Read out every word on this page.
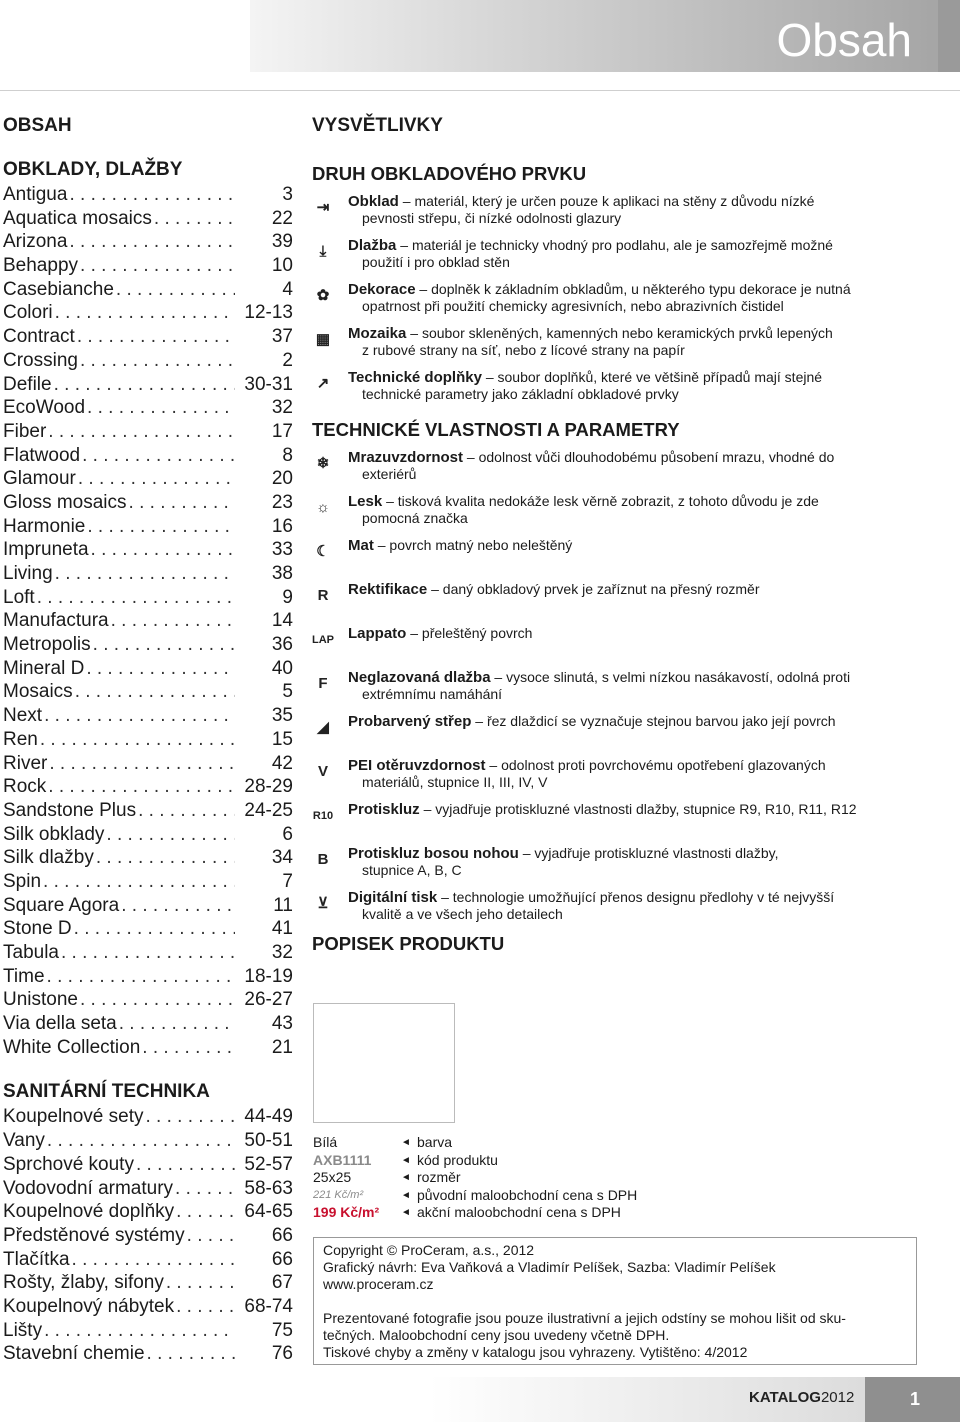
Obsah
OBSAH
OBKLADY, DLAŽBY
Antigua . . .	3
Aquatica mosaics . . .	22
Arizona . . .	39
Behappy . . .	10
Casebianche . . .	4
Colori . . .	12-13
Contract . . .	37
Crossing . . .	2
Defile . . .	30-31
EcoWood . . .	32
Fiber . . .	17
Flatwood . . .	8
Glamour . . .	20
Gloss mosaics . . .	23
Harmonie . . .	16
Impruneta . . .	33
Living . . .	38
Loft . . .	9
Manufactura . . .	14
Metropolis . . .	36
Mineral D . . .	40
Mosaics . . .	5
Next . . .	35
Ren . . .	15
River . . .	42
Rock . . .	28-29
Sandstone Plus . . .	24-25
Silk obklady . . .	6
Silk dlažby . . .	34
Spin . . .	7
Square Agora . . .	11
Stone D . . .	41
Tabula . . .	32
Time . . .	18-19
Unistone . . .	26-27
Via della seta . . .	43
White Collection . . .	21
SANITÁRNÍ TECHNIKA
Koupelnové sety . . .	44-49
Vany . . .	50-51
Sprchové kouty . . .	52-57
Vodovodní armatury . . .	58-63
Koupelnové doplňky . . .	64-65
Předstěnové systémy . . .	66
Tlačítka . . .	66
Rošty, žlaby, sifony . . .	67
Koupelnový nábytek . . .	68-74
Lišty . . .	75
Stavební chemie . . .	76
VYSVĚTLIVKY
DRUH OBKLADOVÉHO PRVKU
⇥	Obklad – materiál, který je určen pouze k aplikaci na stěny z důvodu nízké
pevnosti střepu, či nízké odolnosti glazury
⤓	Dlažba – materiál je technicky vhodný pro podlahu, ale je samozřejmě možné
použití i pro obklad stěn
✿	Dekorace – doplněk k základním obkladům, u některého typu dekorace je nutná
opatrnost při použití chemicky agresivních, nebo abrazivních čistidel
▦ Mozaika – soubor skleněných, kamenných nebo keramických prvků lepených
z rubové strany na síť, nebo z lícové strany na papír
↗	Technické doplňky – soubor doplňků, které ve většině případů mají stejné
technické parametry jako základní obkladové prvky
TECHNICKÉ VLASTNOSTI A PARAMETRY
❄	Mrazuvzdornost – odolnost vůči dlouhodobému působení mrazu, vhodné do
exteriérů
☼ Lesk – tisková kvalita nedokáže lesk věrně zobrazit, z tohoto důvodu je zde
pomocná značka
☾ Mat – povrch matný nebo neleštěný
R	Rektifikace – daný obkladový prvek je zaříznut na přesný rozměr
LAP Lappato – přeleštěný povrch
F	Neglazovaná dlažba – vysoce slinutá, s velmi nízkou nasákavostí, odolná proti
extrémnímu namáhání
◢	Probarvený střep – řez dlaždicí se vyznačuje stejnou barvou jako její povrch
V	PEI otěruvzdornost – odolnost proti povrchovému opotřebení glazovaných
materiálů, stupnice II, III, IV, V
R10 Protiskluz – vyjadřuje protiskluzné vlastnosti dlažby, stupnice R9, R10, R11, R12
B	Protiskluz bosou nohou – vyjadřuje protiskluzné vlastnosti dlažby,
stupnice A, B, C
⊻	Digitální tisk – technologie umožňující přenos designu předlohy v té nejvyšší
kvalitě a ve všech jeho detailech
POPISEK PRODUKTU
Bílá	◄ barva
AXB1111	◄ kód produktu
25x25	◄ rozměr
221 Kč/m²	◄ původní maloobchodní cena s DPH
199 Kč/m²	◄ akční maloobchodní cena s DPH

Copyright © ProCeram, a.s., 2012

Grafický návrh: Eva Vaňková a Vladimír Pelíšek, Sazba: Vladimír Pelíšek

www.proceram.cz

Prezentované fotografie jsou pouze ilustrativní a jejich odstíny se mohou lišit od sku-

tečných. Maloobchodní ceny jsou uvedeny včetně DPH.

Tiskové chyby a změny v katalogu jsou vyhrazeny. Vytištěno: 4/2012

KATALOG2012	1
